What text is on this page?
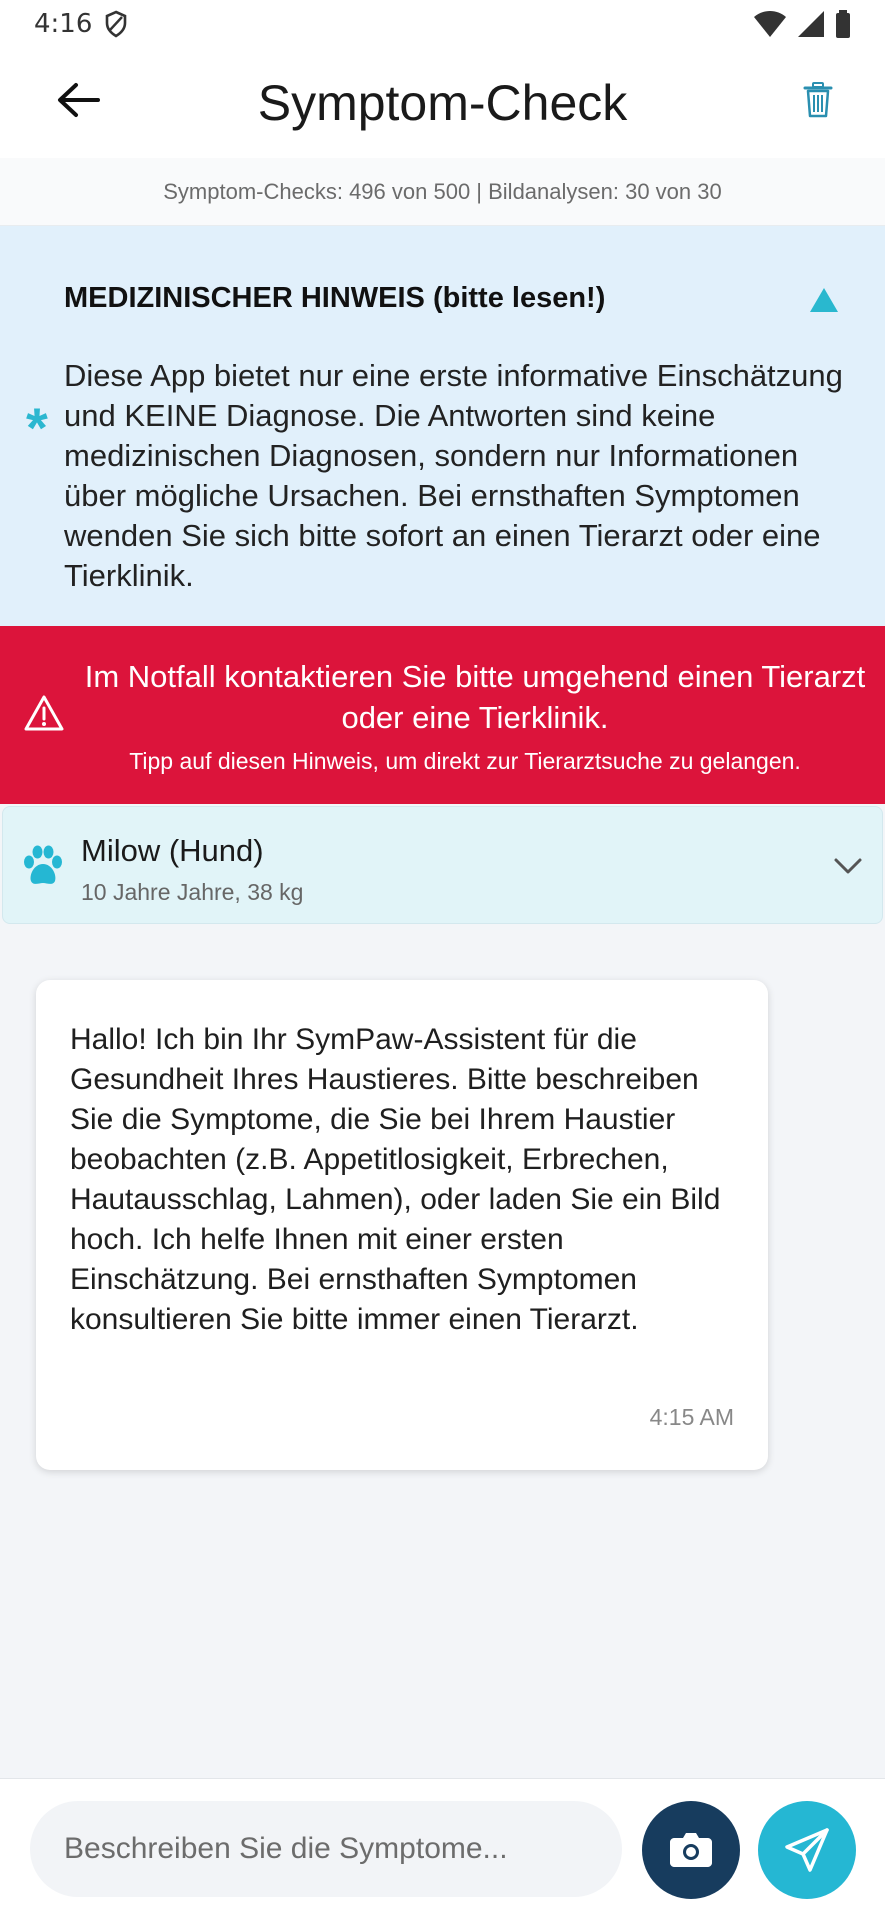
4:16
Symptom-Check
Symptom-Checks: 496 von 500 | Bildanalysen: 30 von 30
MEDIZINISCHER HINWEIS (bitte lesen!)
*
Diese App bietet nur eine erste informative Einschätzung und KEINE Diagnose. Die Antworten sind keine medizinischen Diagnosen, sondern nur Informationen über mögliche Ursachen. Bei ernsthaften Symptomen wenden Sie sich bitte sofort an einen Tierarzt oder eine Tierklinik.
Im Notfall kontaktieren Sie bitte umgehend einen Tierarzt oder eine Tierklinik.
Tipp auf diesen Hinweis, um direkt zur Tierarztsuche zu gelangen.
Milow (Hund)
10 Jahre Jahre, 38 kg
Hallo! Ich bin Ihr SymPaw-Assistent für die Gesundheit Ihres Haustieres. Bitte beschreiben Sie die Symptome, die Sie bei Ihrem Haustier beobachten (z.B. Appetitlosigkeit, Erbrechen, Hautausschlag, Lahmen), oder laden Sie ein Bild hoch. Ich helfe Ihnen mit einer ersten Einschätzung. Bei ernsthaften Symptomen konsultieren Sie bitte immer einen Tierarzt.
4:15 AM
Beschreiben Sie die Symptome...
